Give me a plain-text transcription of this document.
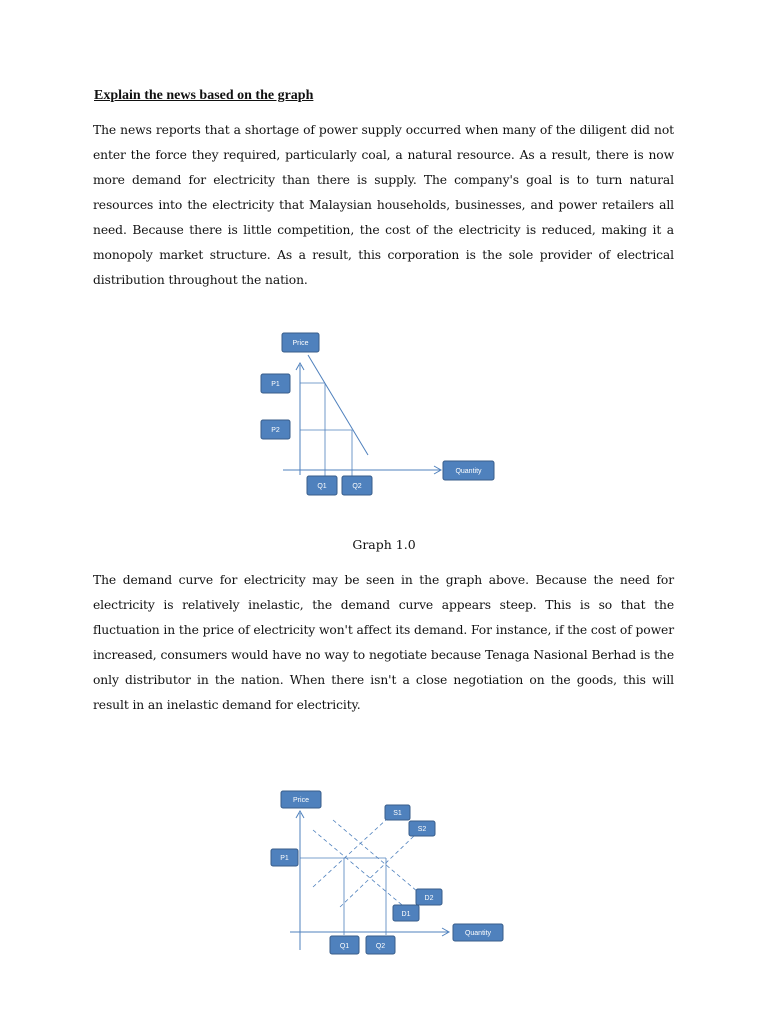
Explain the news based on the graph

The news reports that a shortage of power supply occurred when many of the diligent did not enter the force they required, particularly coal, a natural resource. As a result, there is now more demand for electricity than there is supply. The company's goal is to turn natural resources into the electricity that Malaysian households, businesses, and power retailers all need. Because there is little competition, the cost of the electricity is reduced, making it a monopoly market structure. As a result, this corporation is the sole provider of electrical distribution throughout the nation.

Price
P1
P2
Q1	Q2
Quantity
Graph 1.0

The demand curve for electricity may be seen in the graph above. Because the need for electricity is relatively inelastic, the demand curve appears steep. This is so that the fluctuation in the price of electricity won't affect its demand. For instance, if the cost of power increased, consumers would have no way to negotiate because Tenaga Nasional Berhad is the only distributor in the nation. When there isn't a close negotiation on the goods, this will result in an inelastic demand for electricity.

Price
S1
S2
P1
D2
D1
Quantity
Q1	Q2
